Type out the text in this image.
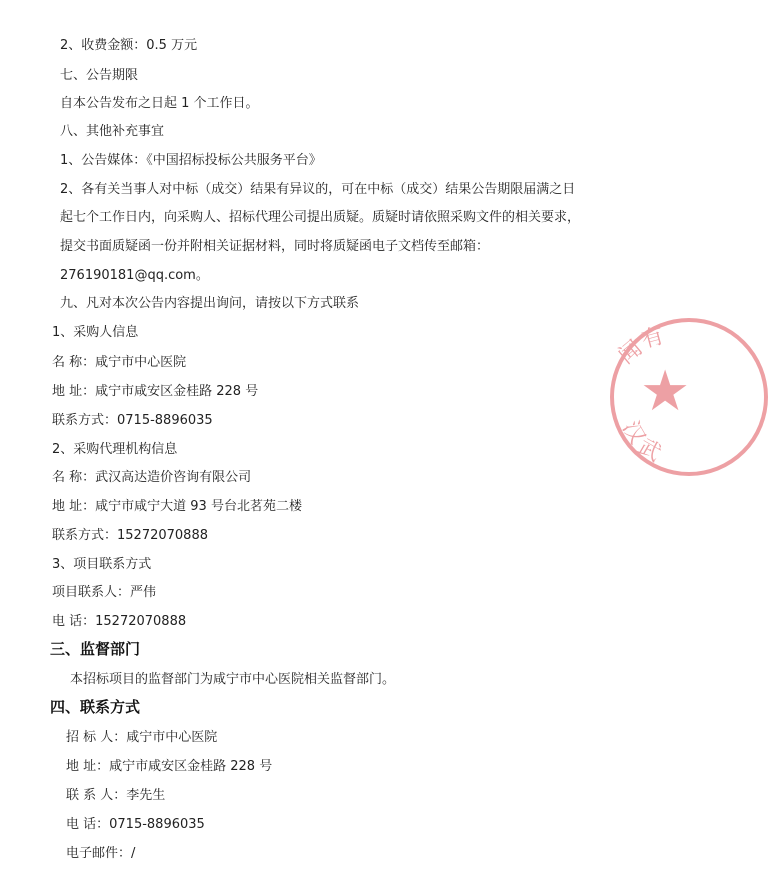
2、收费金额：0.5 万元
七、公告期限
自本公告发布之日起 1 个工作日。
八、其他补充事宜
1、公告媒体：《中国招标投标公共服务平台》
2、各有关当事人对中标（成交）结果有异议的，可在中标（成交）结果公告期限届满之日
起七个工作日内，向采购人、招标代理公司提出质疑。质疑时请依照采购文件的相关要求，
提交书面质疑函一份并附相关证据材料，同时将质疑函电子文档传至邮箱：
276190181@qq.com。
九、凡对本次公告内容提出询问，请按以下方式联系
1、采购人信息
名 称：咸宁市中心医院
地 址：咸宁市咸安区金桂路 228 号
联系方式：0715-8896035
2、采购代理机构信息
名 称：武汉高达造价咨询有限公司
地 址：咸宁市咸宁大道 93 号台北茗苑二楼
联系方式：15272070888
3、项目联系方式
项目联系人：严伟
电 话：15272070888
三、监督部门
本招标项目的监督部门为咸宁市中心医院相关监督部门。
四、联系方式
招 标 人：咸宁市中心医院
地 址：咸宁市咸安区金桂路 228 号
联 系 人：李先生
电 话：0715-8896035
电子邮件：/
闻
有
★
汉
武
